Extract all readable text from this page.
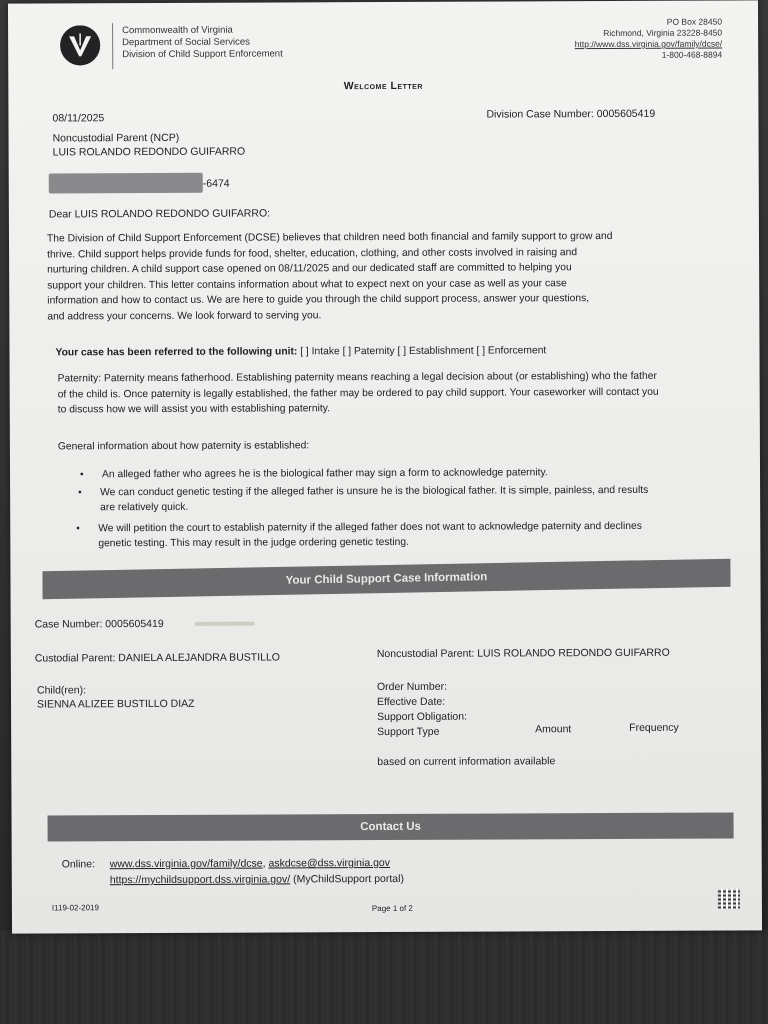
Commonwealth of Virginia
Department of Social Services
Division of Child Support Enforcement
PO Box 28450
Richmond, Virginia 23228-8450
http://www.dss.virginia.gov/family/dcse/
1-800-468-8894
Welcome Letter
08/11/2025	Division Case Number: 0005605419
Noncustodial Parent (NCP)
LUIS ROLANDO REDONDO GUIFARRO
-6474
Dear LUIS ROLANDO REDONDO GUIFARRO:
The Division of Child Support Enforcement (DCSE) believes that children need both financial and family support to grow and
thrive. Child support helps provide funds for food, shelter, education, clothing, and other costs involved in raising and
nurturing children. A child support case opened on 08/11/2025 and our dedicated staff are committed to helping you
support your children. This letter contains information about what to expect next on your case as well as your case
information and how to contact us. We are here to guide you through the child support process, answer your questions,
and address your concerns. We look forward to serving you.
Your case has been referred to the following unit: [ ] Intake [ ] Paternity [ ] Establishment [ ] Enforcement
Paternity: Paternity means fatherhood. Establishing paternity means reaching a legal decision about (or establishing) who the father
of the child is. Once paternity is legally established, the father may be ordered to pay child support. Your caseworker will contact you
to discuss how we will assist you with establishing paternity.
General information about how paternity is established:
• An alleged father who agrees he is the biological father may sign a form to acknowledge paternity.
• We can conduct genetic testing if the alleged father is unsure he is the biological father. It is simple, painless, and results
are relatively quick.
• We will petition the court to establish paternity if the alleged father does not want to acknowledge paternity and declines
genetic testing. This may result in the judge ordering genetic testing.
Your Child Support Case Information
Case Number: 0005605419
Custodial Parent: DANIELA ALEJANDRA BUSTILLO	Noncustodial Parent: LUIS ROLANDO REDONDO GUIFARRO
Child(ren):
SIENNA ALIZEE BUSTILLO DIAZ
Order Number:
Effective Date:
Support Obligation:
Support Type	Amount	Frequency
based on current information available
Contact Us
Online: www.dss.virginia.gov/family/dcse, askdcse@dss.virginia.gov
https://mychildsupport.dss.virginia.gov/ (MyChildSupport portal)
I119-02-2019	Page 1 of 2
